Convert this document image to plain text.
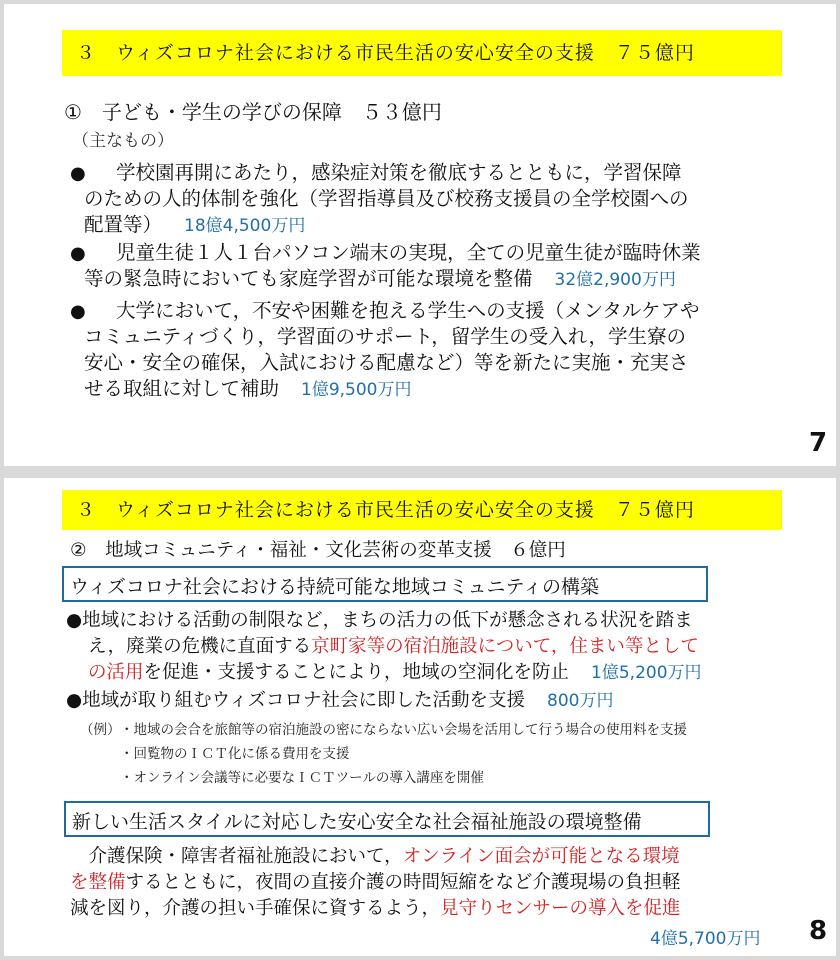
３　ウィズコロナ社会における市民生活の安心安全の支援　７５億円
①　子ども・学生の学びの保障　５３億円
（主なもの）
●	学校園再開にあたり，感染症対策を徹底するとともに，学習保障
のための人的体制を強化（学習指導員及び校務支援員の全学校園への
配置等） 18億4,500万円
●	児童生徒１人１台パソコン端末の実現，全ての児童生徒が臨時休業
等の緊急時においても家庭学習が可能な環境を整備 32億2,900万円
●	大学において，不安や困難を抱える学生への支援（メンタルケアや
コミュニティづくり，学習面のサポート，留学生の受入れ，学生寮の
安心・安全の確保，入試における配慮など）等を新たに実施・充実さ
せる取組に対して補助 1億9,500万円
7
３　ウィズコロナ社会における市民生活の安心安全の支援　７５億円
②　地域コミュニティ・福祉・文化芸術の変革支援　６億円
ウィズコロナ社会における持続可能な地域コミュニティの構築
●地域における活動の制限など，まちの活力の低下が懸念される状況を踏ま
え，廃業の危機に直面する京町家等の宿泊施設について，住まい等として
の活用を促進・支援することにより，地域の空洞化を防止 1億5,200万円
●地域が取り組むウィズコロナ社会に即した活動を支援 800万円
（例） ・地域の会合を旅館等の宿泊施設の密にならない広い会場を活用して行う場合の使用料を支援
・回覧物のＩＣＴ化に係る費用を支援
・オンライン会議等に必要なＩＣＴツールの導入講座を開催
新しい生活スタイルに対応した安心安全な社会福祉施設の環境整備
　介護保険・障害者福祉施設において，オンライン面会が可能となる環境
を整備するとともに，夜間の直接介護の時間短縮をなど介護現場の負担軽
減を図り，介護の担い手確保に資するよう，見守りセンサーの導入を促進
4億5,700万円 8
